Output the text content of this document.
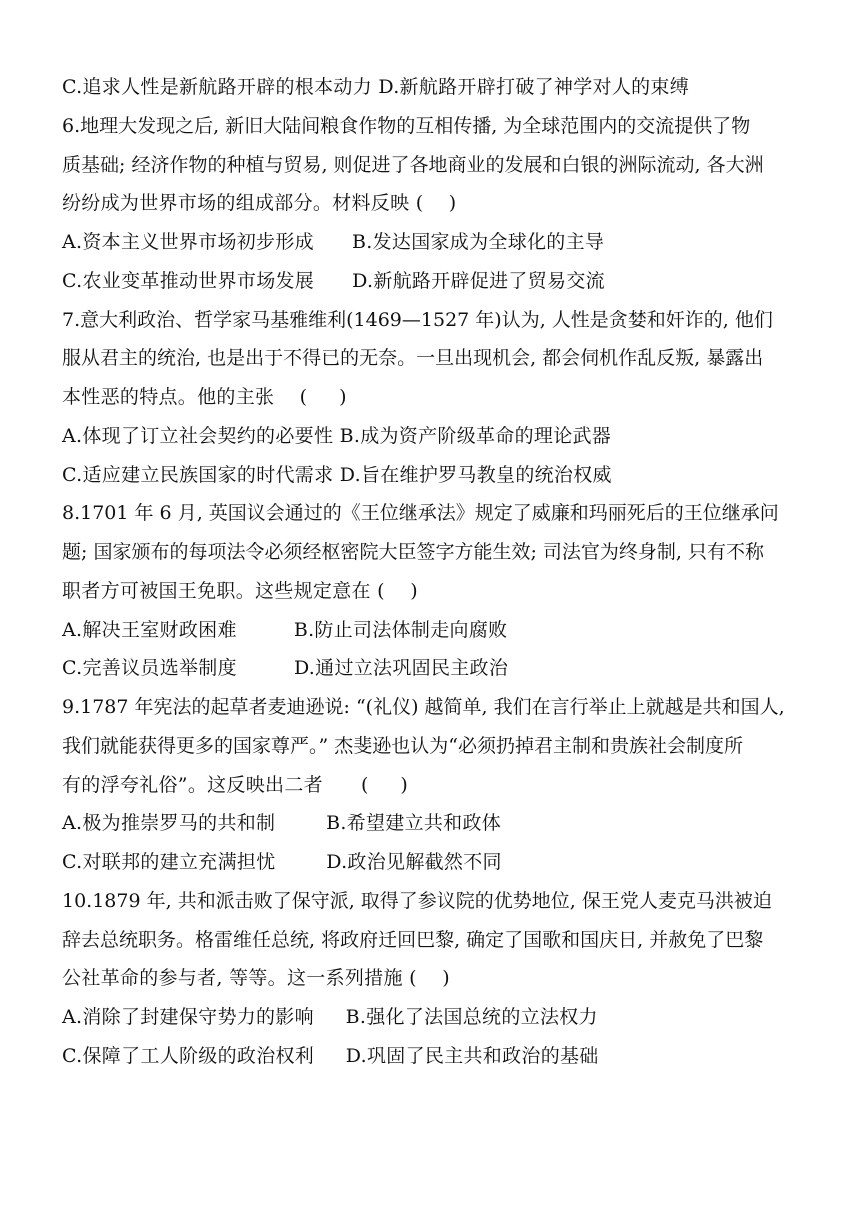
C.追求人性是新航路开辟的根本动力 D.新航路开辟打破了神学对人的束缚
6.地理大发现之后, 新旧大陆间粮食作物的互相传播, 为全球范围内的交流提供了物
质基础; 经济作物的种植与贸易, 则促进了各地商业的发展和白银的洲际流动, 各大洲
纷纷成为世界市场的组成部分。材料反映 (    )
A.资本主义世界市场初步形成      B.发达国家成为全球化的主导
C.农业变革推动世界市场发展      D.新航路开辟促进了贸易交流
7.意大利政治、哲学家马基雅维利(1469—1527 年)认为, 人性是贪婪和奸诈的, 他们
服从君主的统治, 也是出于不得已的无奈。一旦出现机会, 都会伺机作乱反叛, 暴露出
本性恶的特点。他的主张    (     )
A.体现了订立社会契约的必要性 B.成为资产阶级革命的理论武器
C.适应建立民族国家的时代需求 D.旨在维护罗马教皇的统治权威
8.1701 年 6 月, 英国议会通过的《王位继承法》规定了威廉和玛丽死后的王位继承问
题; 国家颁布的每项法令必须经枢密院大臣签字方能生效; 司法官为终身制, 只有不称
职者方可被国王免职。这些规定意在 (    )
A.解决王室财政困难         B.防止司法体制走向腐败
C.完善议员选举制度         D.通过立法巩固民主政治
9.1787 年宪法的起草者麦迪逊说: “(礼仪) 越简单, 我们在言行举止上就越是共和国人,
我们就能获得更多的国家尊严。” 杰斐逊也认为“必须扔掉君主制和贵族社会制度所
有的浮夸礼俗”。这反映出二者      (     )
A.极为推崇罗马的共和制        B.希望建立共和政体
C.对联邦的建立充满担忧        D.政治见解截然不同
10.1879 年, 共和派击败了保守派, 取得了参议院的优势地位, 保王党人麦克马洪被迫
辞去总统职务。格雷维任总统, 将政府迁回巴黎, 确定了国歌和国庆日, 并赦免了巴黎
公社革命的参与者, 等等。这一系列措施 (    )
A.消除了封建保守势力的影响     B.强化了法国总统的立法权力
C.保障了工人阶级的政治权利     D.巩固了民主共和政治的基础
